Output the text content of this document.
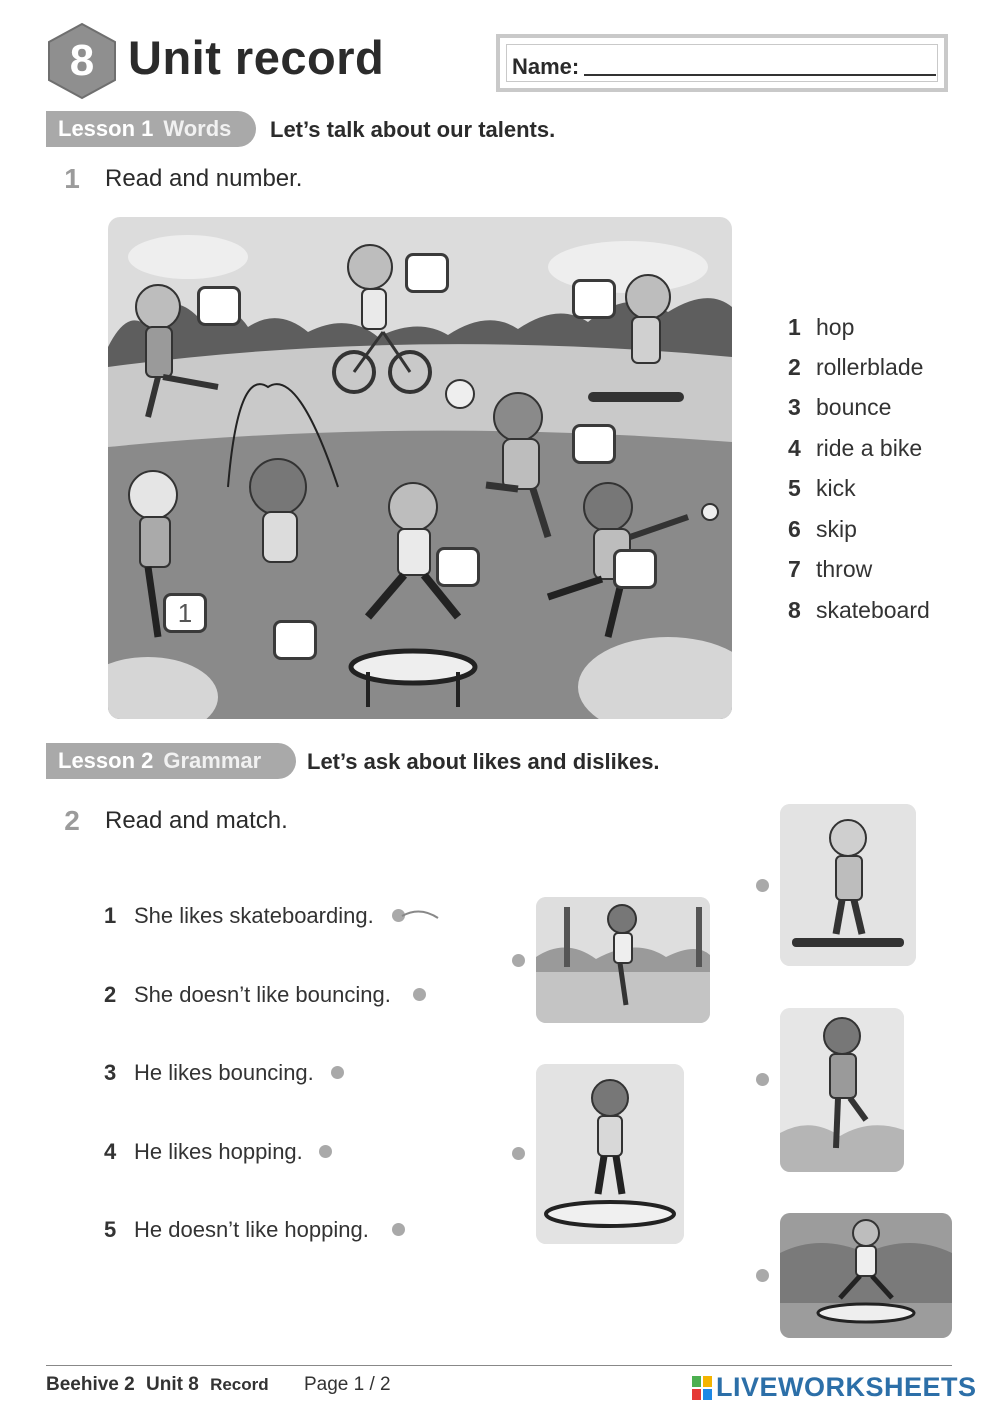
8 Unit record	Name:
Lesson 1 Words Let’s talk about our talents.
1 Read and number.
1
1 hop
2 rollerblade
3 bounce
4 ride a bike
5 kick
6 skip
7 throw
8 skateboard
Lesson 2 Grammar Let’s ask about likes and dislikes.
2 Read and match.
1 She likes skateboarding.
2 She doesn’t like bouncing.
3 He likes bouncing.
4 He likes hopping.
5 He doesn’t like hopping.
Beehive 2 Unit 8 Record Page 1 / 2	LIVEWORKSHEETS
